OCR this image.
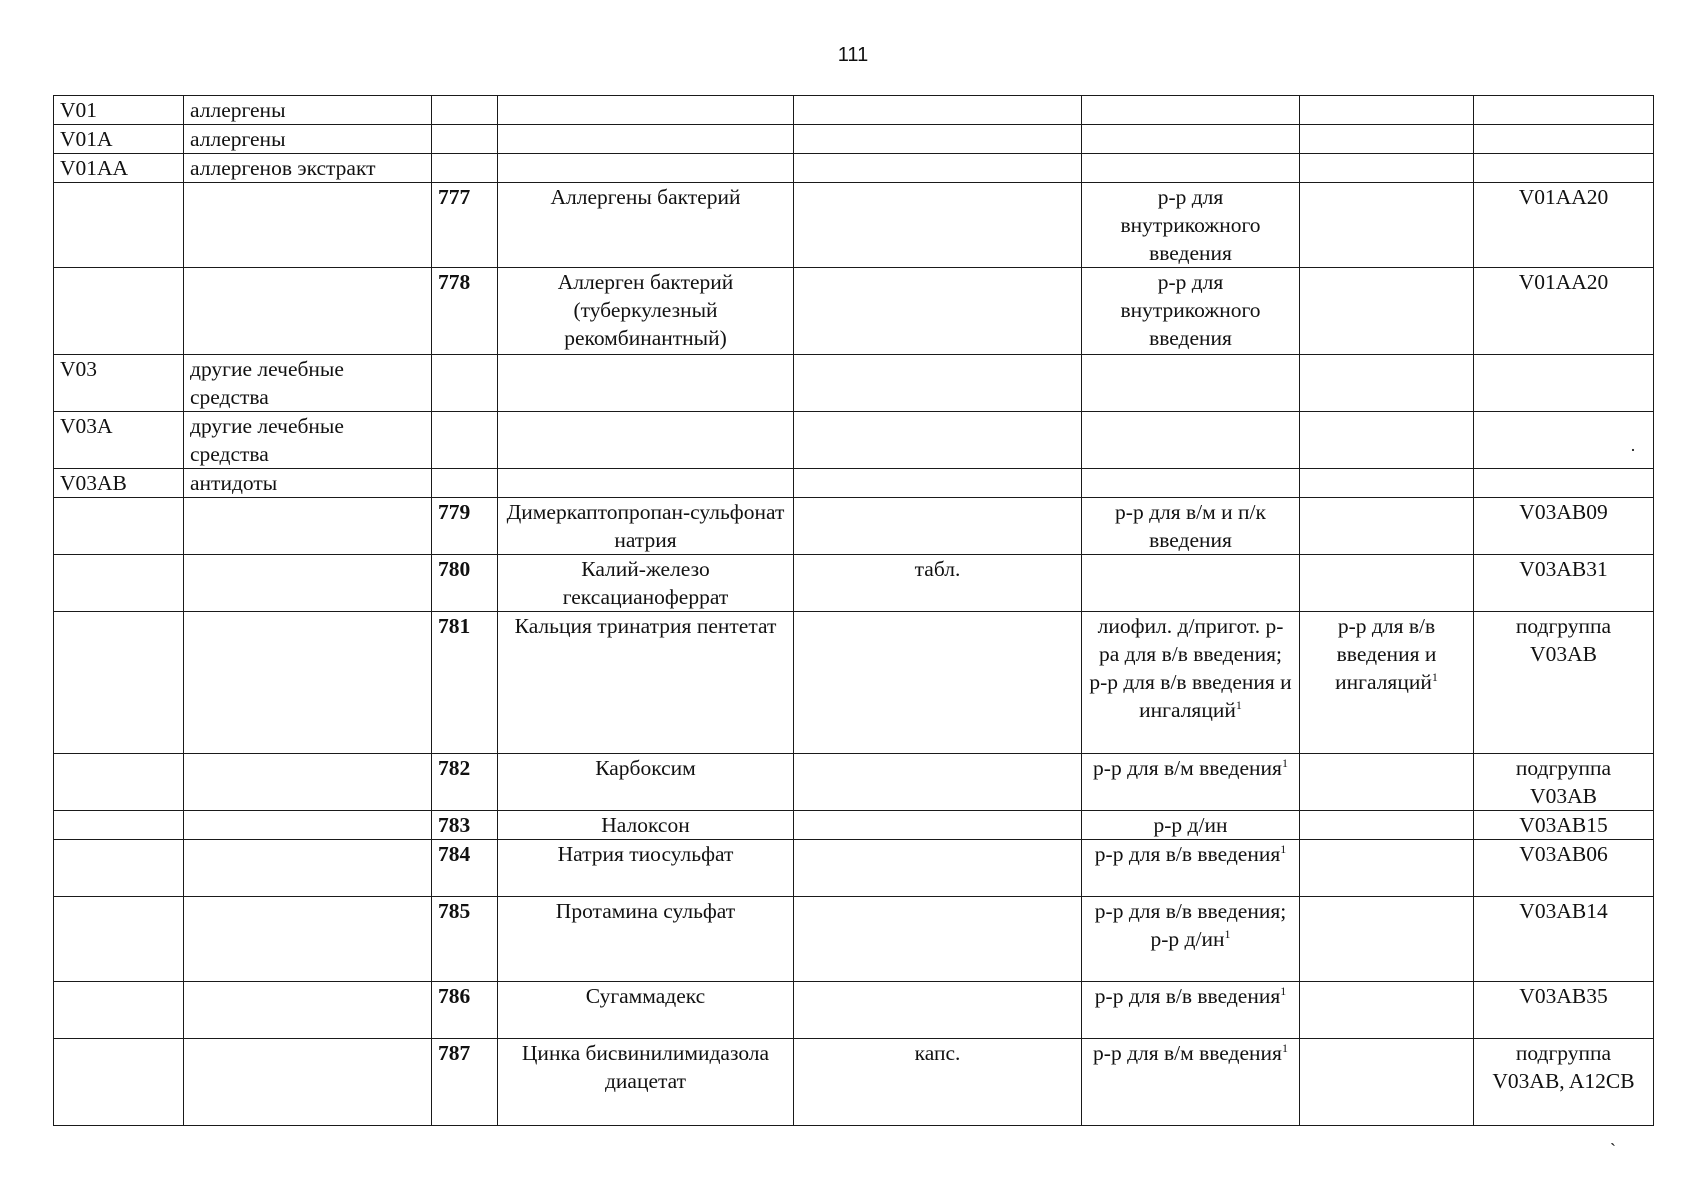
111
V01	аллергены						
V01A	аллергены						
V01AA	аллергенов экстракт						
		777	Аллергены бактерий		р-р для внутрикожного введения		V01AA20
		778	Аллерген бактерий (туберкулезный рекомбинантный)		р-р для внутрикожного введения		V01AA20
V03	другие лечебные средства						
V03A	другие лечебные средства						
V03AB	антидоты						
		779	Димеркаптопропан-сульфонат натрия		р-р для в/м и п/к введения		V03AB09
		780	Калий-железо гексацианоферрат	табл.			V03AB31
		781	Кальция тринатрия пентетат		лиофил. д/пригот. р-ра для в/в введения; р-р для в/в введения и ингаляций$^1$	р-р для в/в введения и ингаляций$^1$	подгруппа V03AB
		782	Карбоксим		р-р для в/м введения$^1$		подгруппа V03AB
		783	Налоксон		р-р д/ин		V03AB15
		784	Натрия тиосульфат		р-р для в/в введения$^1$		V03AB06
		785	Протамина сульфат		р-р для в/в введения; р-р $д/ин^1$		V03AB14
		786	Сугаммадекс		р-р для в/в введения$^1$		V03AB35
		787	Цинка бисвинилимидазола диацетат	капс.	р-р для в/м введения$^1$		подгруппа V03AB, A12CB
·
`
